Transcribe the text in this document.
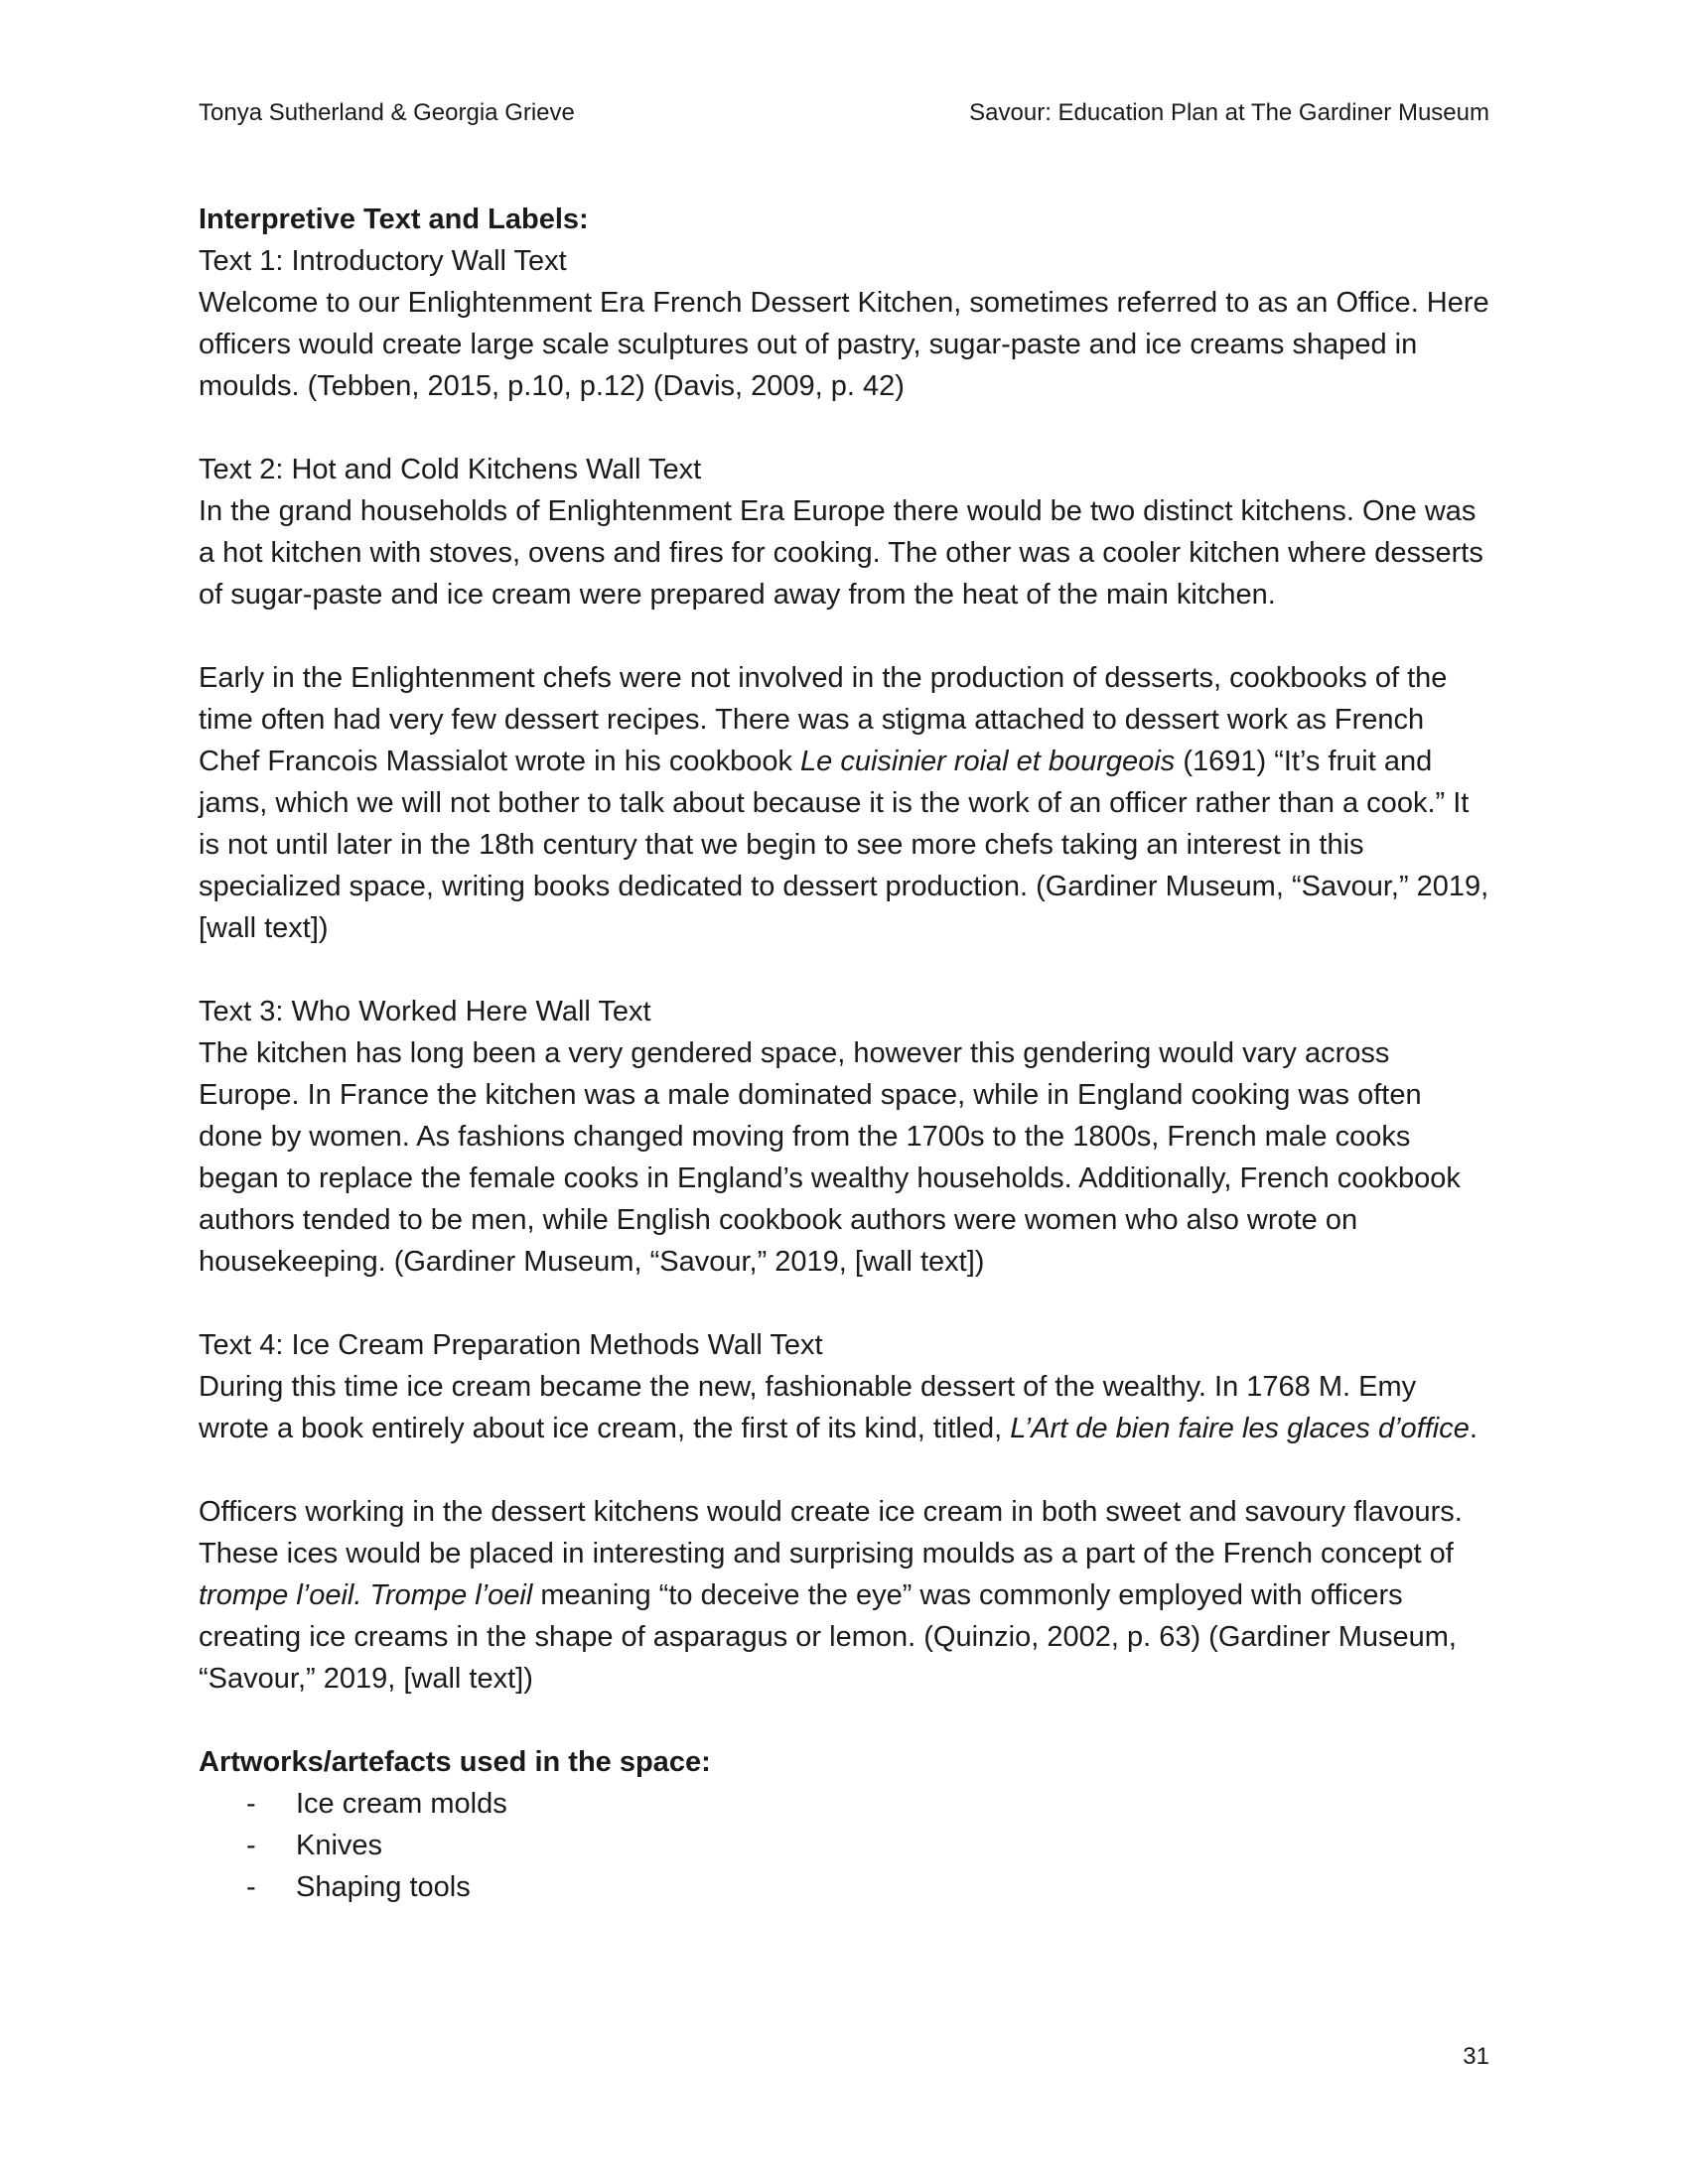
Tonya Sutherland & Georgia Grieve	Savour: Education Plan at The Gardiner Museum

Interpretive Text and Labels:

Text 1: Introductory Wall Text

Welcome to our Enlightenment Era French Dessert Kitchen, sometimes referred to as an Office. Here officers would create large scale sculptures out of pastry, sugar-paste and ice creams shaped in moulds. (Tebben, 2015, p.10, p.12) (Davis, 2009, p. 42)

Text 2: Hot and Cold Kitchens Wall Text

In the grand households of Enlightenment Era Europe there would be two distinct kitchens. One was a hot kitchen with stoves, ovens and fires for cooking. The other was a cooler kitchen where desserts of sugar-paste and ice cream were prepared away from the heat of the main kitchen.

Early in the Enlightenment chefs were not involved in the production of desserts, cookbooks of the time often had very few dessert recipes. There was a stigma attached to dessert work as French Chef Francois Massialot wrote in his cookbook Le cuisinier roial et bourgeois (1691) “It’s fruit and jams, which we will not bother to talk about because it is the work of an officer rather than a cook.” It is not until later in the 18th century that we begin to see more chefs taking an interest in this specialized space, writing books dedicated to dessert production. (Gardiner Museum, “Savour,” 2019, [wall text])

Text 3: Who Worked Here Wall Text

The kitchen has long been a very gendered space, however this gendering would vary across Europe. In France the kitchen was a male dominated space, while in England cooking was often done by women. As fashions changed moving from the 1700s to the 1800s, French male cooks began to replace the female cooks in England’s wealthy households. Additionally, French cookbook authors tended to be men, while English cookbook authors were women who also wrote on housekeeping. (Gardiner Museum, “Savour,” 2019, [wall text])

Text 4: Ice Cream Preparation Methods Wall Text

During this time ice cream became the new, fashionable dessert of the wealthy. In 1768 M. Emy wrote a book entirely about ice cream, the first of its kind, titled, L’Art de bien faire les glaces d’office.

Officers working in the dessert kitchens would create ice cream in both sweet and savoury flavours. These ices would be placed in interesting and surprising moulds as a part of the French concept of trompe l’oeil. Trompe l’oeil meaning “to deceive the eye” was commonly employed with officers creating ice creams in the shape of asparagus or lemon. (Quinzio, 2002, p. 63) (Gardiner Museum, “Savour,” 2019, [wall text])

Artworks/artefacts used in the space:

- Ice cream molds
- Knives
- Shaping tools
31
